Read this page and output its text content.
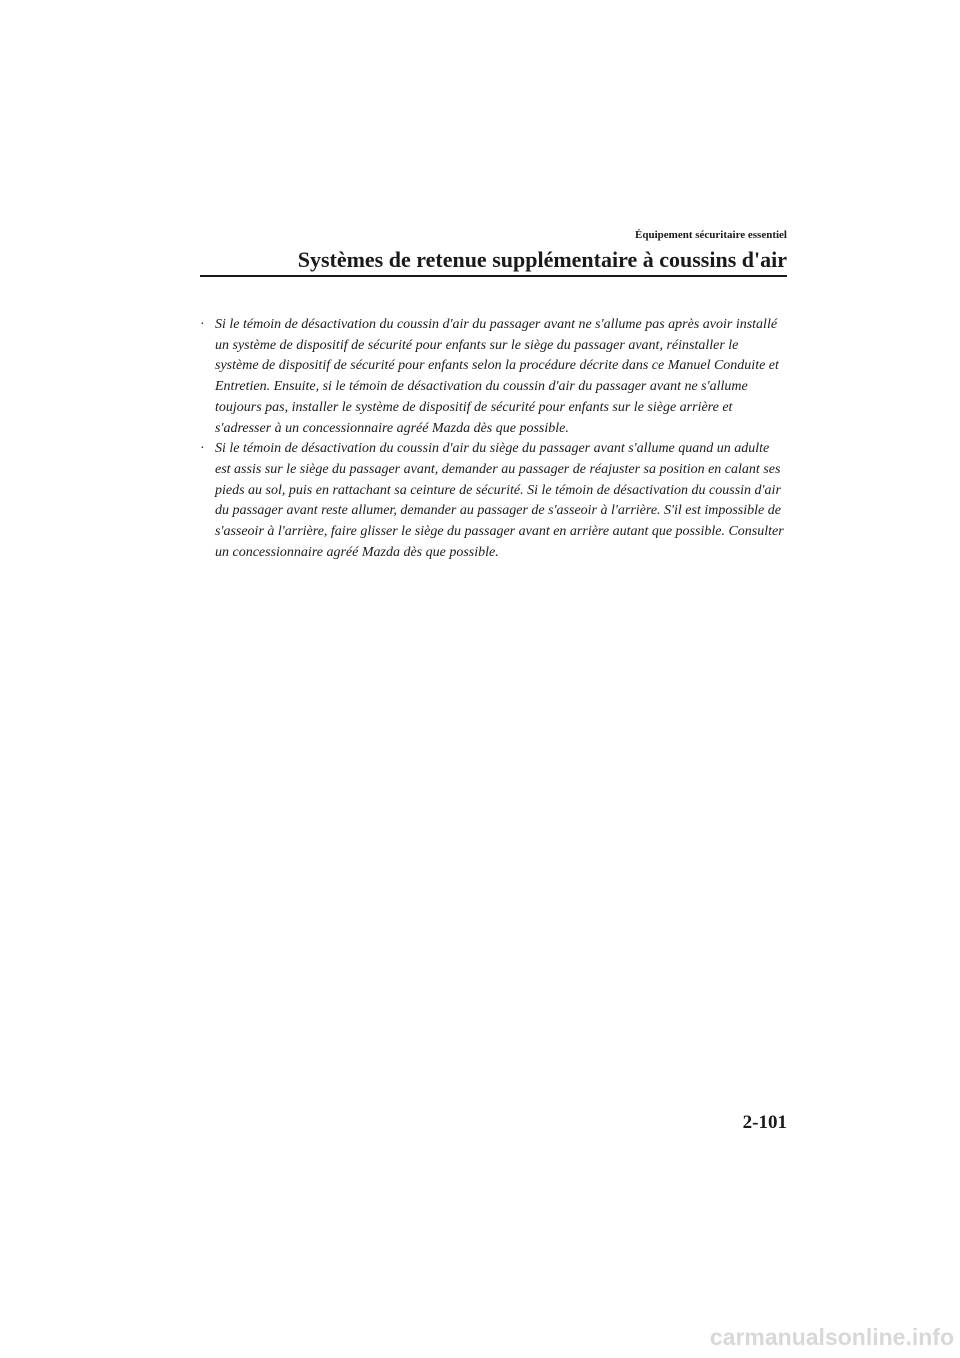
Équipement sécuritaire essentiel
Systèmes de retenue supplémentaire à coussins d'air
· Si le témoin de désactivation du coussin d'air du passager avant ne s'allume pas après avoir installé un système de dispositif de sécurité pour enfants sur le siège du passager avant, réinstaller le système de dispositif de sécurité pour enfants selon la procédure décrite dans ce Manuel Conduite et Entretien. Ensuite, si le témoin de désactivation du coussin d'air du passager avant ne s'allume toujours pas, installer le système de dispositif de sécurité pour enfants sur le siège arrière et s'adresser à un concessionnaire agréé Mazda dès que possible.
· Si le témoin de désactivation du coussin d'air du siège du passager avant s'allume quand un adulte est assis sur le siège du passager avant, demander au passager de réajuster sa position en calant ses pieds au sol, puis en rattachant sa ceinture de sécurité. Si le témoin de désactivation du coussin d'air du passager avant reste allumer, demander au passager de s'asseoir à l'arrière. S'il est impossible de s'asseoir à l'arrière, faire glisser le siège du passager avant en arrière autant que possible. Consulter un concessionnaire agréé Mazda dès que possible.
2-101
carmanualsonline.info
